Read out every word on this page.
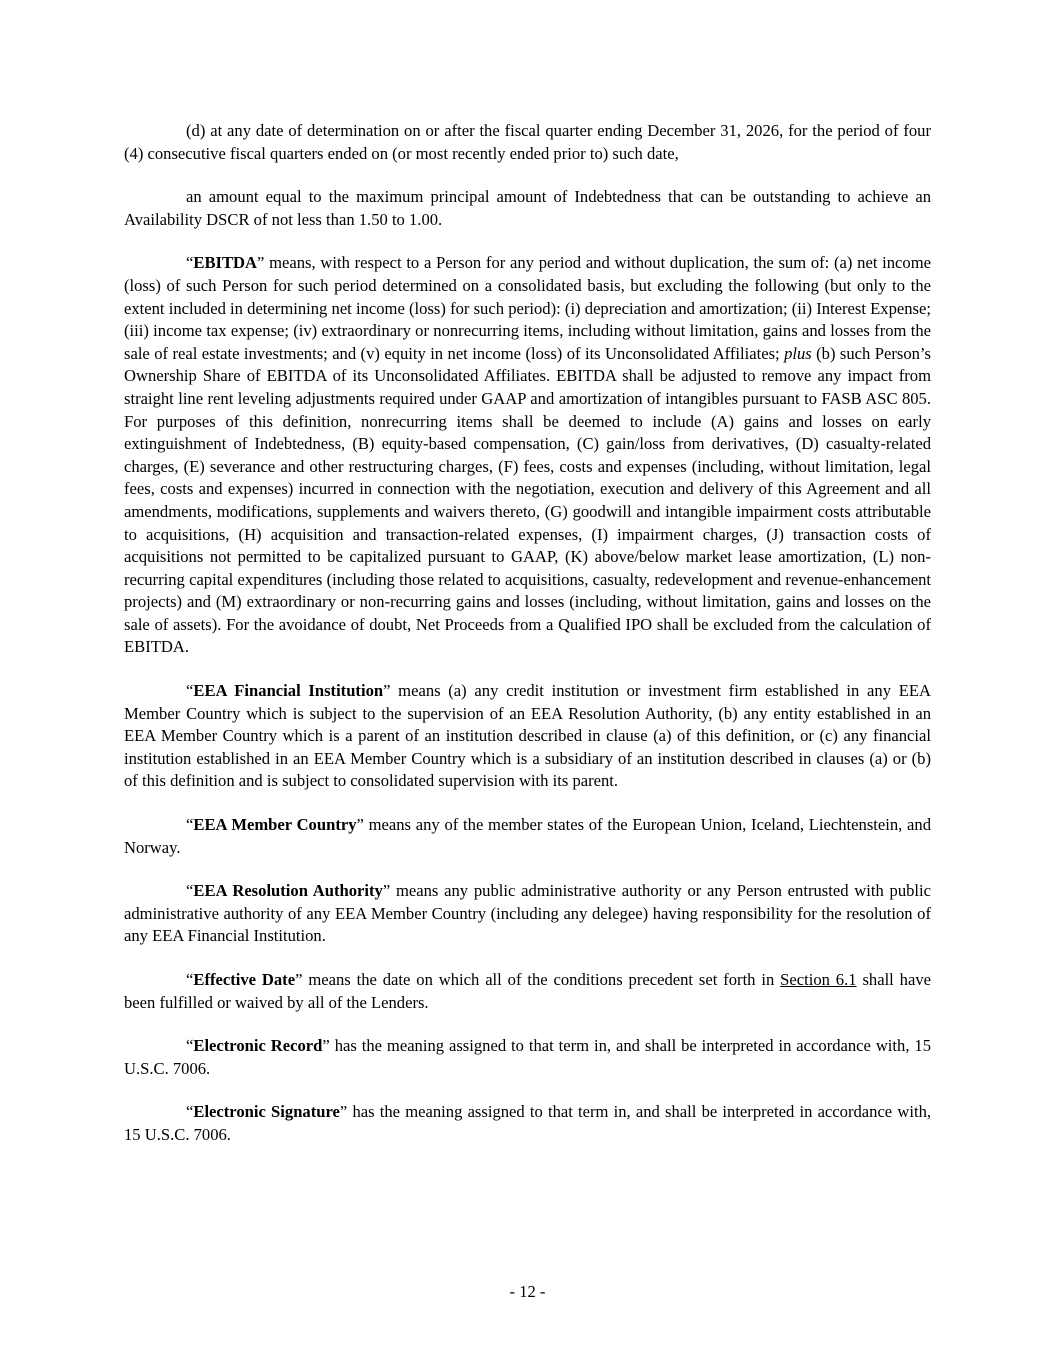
(d) at any date of determination on or after the fiscal quarter ending December 31, 2026, for the period of four (4) consecutive fiscal quarters ended on (or most recently ended prior to) such date,

an amount equal to the maximum principal amount of Indebtedness that can be outstanding to achieve an Availability DSCR of not less than 1.50 to 1.00.

“EBITDA” means, with respect to a Person for any period and without duplication, the sum of: (a) net income (loss) of such Person for such period determined on a consolidated basis, but excluding the following (but only to the extent included in determining net income (loss) for such period): (i) depreciation and amortization; (ii) Interest Expense; (iii) income tax expense; (iv) extraordinary or nonrecurring items, including without limitation, gains and losses from the sale of real estate investments; and (v) equity in net income (loss) of its Unconsolidated Affiliates; plus (b) such Person’s Ownership Share of EBITDA of its Unconsolidated Affiliates. EBITDA shall be adjusted to remove any impact from straight line rent leveling adjustments required under GAAP and amortization of intangibles pursuant to FASB ASC 805. For purposes of this definition, nonrecurring items shall be deemed to include (A) gains and losses on early extinguishment of Indebtedness, (B) equity-based compensation, (C) gain/loss from derivatives, (D) casualty-related charges, (E) severance and other restructuring charges, (F) fees, costs and expenses (including, without limitation, legal fees, costs and expenses) incurred in connection with the negotiation, execution and delivery of this Agreement and all amendments, modifications, supplements and waivers thereto, (G) goodwill and intangible impairment costs attributable to acquisitions, (H) acquisition and transaction-related expenses, (I) impairment charges, (J) transaction costs of acquisitions not permitted to be capitalized pursuant to GAAP, (K) above/below market lease amortization, (L) non-recurring capital expenditures (including those related to acquisitions, casualty, redevelopment and revenue-enhancement projects) and (M) extraordinary or non-recurring gains and losses (including, without limitation, gains and losses on the sale of assets). For the avoidance of doubt, Net Proceeds from a Qualified IPO shall be excluded from the calculation of EBITDA.

“EEA Financial Institution” means (a) any credit institution or investment firm established in any EEA Member Country which is subject to the supervision of an EEA Resolution Authority, (b) any entity established in an EEA Member Country which is a parent of an institution described in clause (a) of this definition, or (c) any financial institution established in an EEA Member Country which is a subsidiary of an institution described in clauses (a) or (b) of this definition and is subject to consolidated supervision with its parent.

“EEA Member Country” means any of the member states of the European Union, Iceland, Liechtenstein, and Norway.

“EEA Resolution Authority” means any public administrative authority or any Person entrusted with public administrative authority of any EEA Member Country (including any delegee) having responsibility for the resolution of any EEA Financial Institution.

“Effective Date” means the date on which all of the conditions precedent set forth in Section 6.1 shall have been fulfilled or waived by all of the Lenders.

“Electronic Record” has the meaning assigned to that term in, and shall be interpreted in accordance with, 15 U.S.C. 7006.

“Electronic Signature” has the meaning assigned to that term in, and shall be interpreted in accordance with, 15 U.S.C. 7006.

- 12 -
